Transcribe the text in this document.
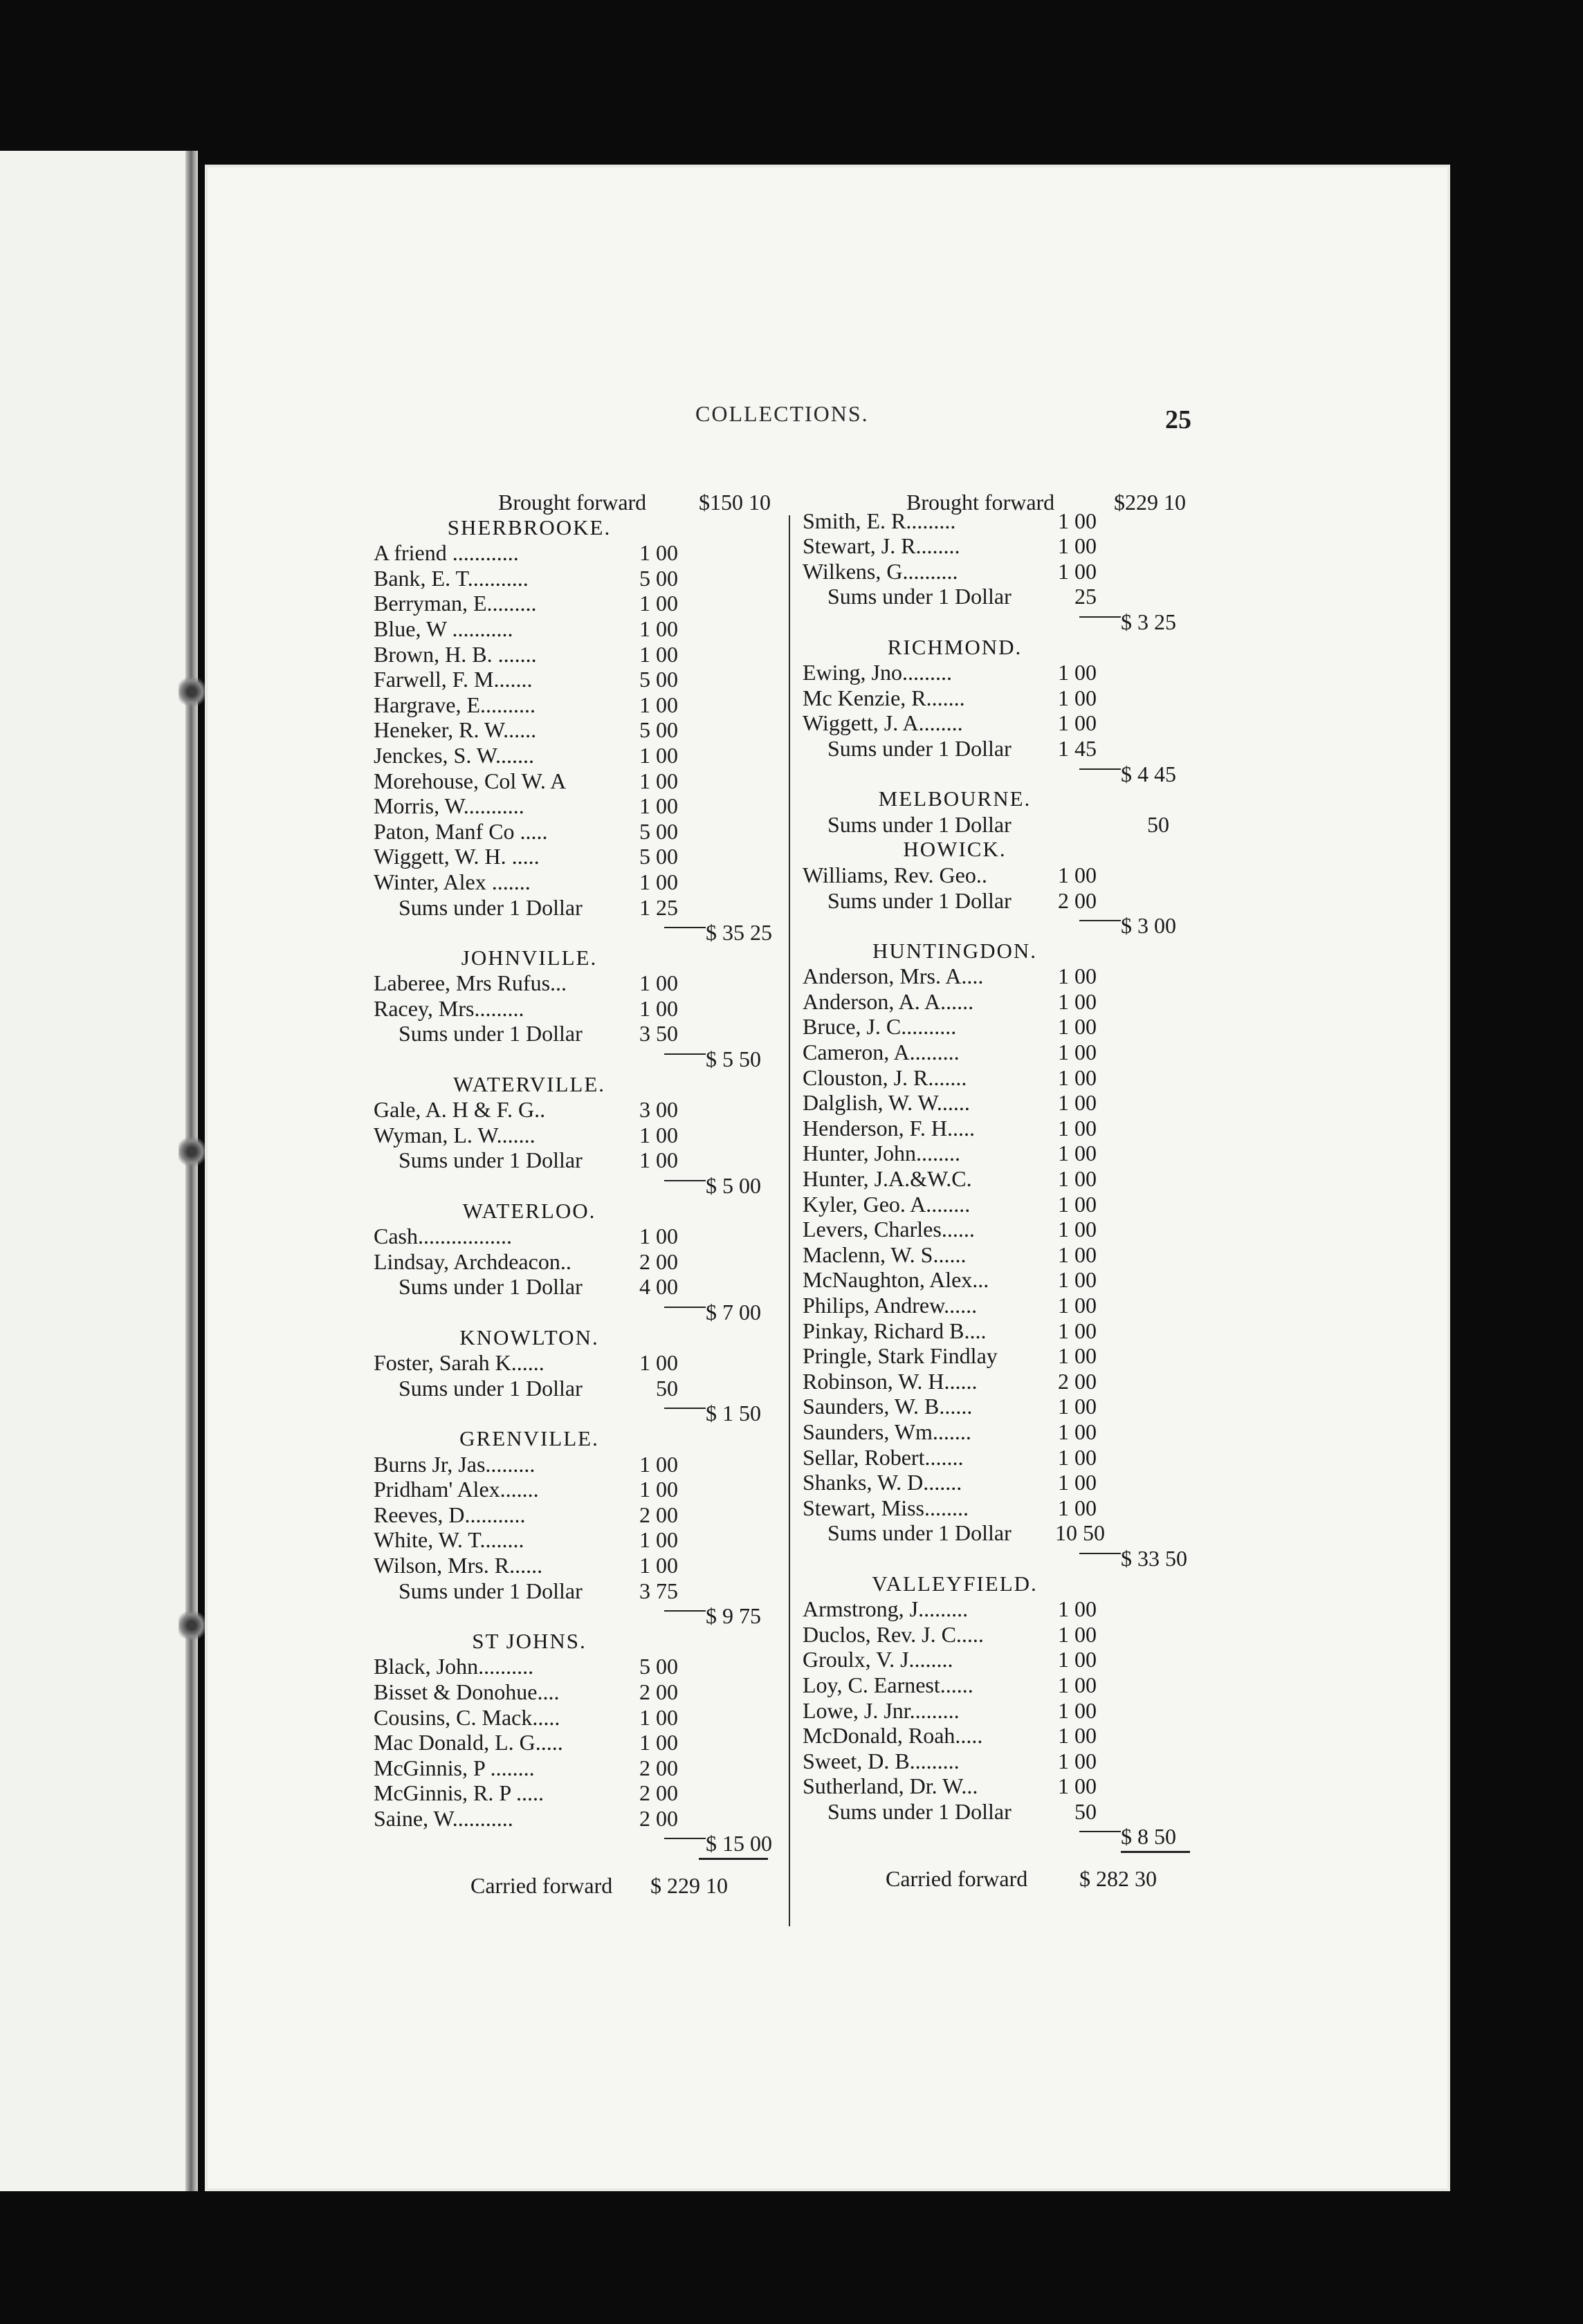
COLLECTIONS.	25
Brought forward $150 10
SHERBROOKE.
A friend ............	1 00
Bank, E. T...........	5 00
Berryman, E.........	1 00
Blue, W ...........	1 00
Brown, H. B. .......	1 00
Farwell, F. M.......	5 00
Hargrave, E..........	1 00
Heneker, R. W......	5 00
Jenckes, S. W.......	1 00
Morehouse, Col W. A	1 00
Morris, W...........	1 00
Paton, Manf Co .....	5 00
Wiggett, W. H. .....	5 00
Winter, Alex .......	1 00
Sums under 1 Dollar	1 25
$ 35 25
JOHNVILLE.
Laberee, Mrs Rufus...	1 00
Racey, Mrs.........	1 00
Sums under 1 Dollar	3 50
$ 5 50
WATERVILLE.
Gale, A. H & F. G..	3 00
Wyman, L. W.......	1 00
Sums under 1 Dollar	1 00
$ 5 00
WATERLOO.
Cash.................	1 00
Lindsay, Archdeacon..	2 00
Sums under 1 Dollar	4 00
$ 7 00
KNOWLTON.
Foster, Sarah K......	1 00
Sums under 1 Dollar	50
$ 1 50
GRENVILLE.
Burns Jr, Jas.........	1 00
Pridham' Alex.......	1 00
Reeves, D...........	2 00
White, W. T........	1 00
Wilson, Mrs. R......	1 00
Sums under 1 Dollar	3 75
$ 9 75
ST JOHNS.
Black, John..........	5 00
Bisset & Donohue....	2 00
Cousins, C. Mack.....	1 00
Mac Donald, L. G.....	1 00
McGinnis, P ........	2 00
McGinnis, R. P .....	2 00
Saine, W...........	2 00
$ 15 00
Carried forward $ 229 10
Brought forward	$229 10
Smith, E. R.........	1 00
Stewart, J. R........	1 00
Wilkens, G..........	1 00
Sums under 1 Dollar	25
$ 3 25
RICHMOND.
Ewing, Jno.........	1 00
Mc Kenzie, R.......	1 00
Wiggett, J. A........	1 00
Sums under 1 Dollar 1 45
$ 4 45
MELBOURNE.
Sums under 1 Dollar	50
HOWICK.
Williams, Rev. Geo..	1 00
Sums under 1 Dollar 2 00
$ 3 00
HUNTINGDON.
Anderson, Mrs. A....	1 00
Anderson, A. A......	1 00
Bruce, J. C..........	1 00
Cameron, A.........	1 00
Clouston, J. R.......	1 00
Dalglish, W. W......	1 00
Henderson, F. H.....	1 00
Hunter, John........	1 00
Hunter, J.A.&W.C.	1 00
Kyler, Geo. A........	1 00
Levers, Charles......	1 00
Maclenn, W. S......	1 00
McNaughton, Alex...	1 00
Philips, Andrew......	1 00
Pinkay, Richard B....	1 00
Pringle, Stark Findlay	1 00
Robinson, W. H......	2 00
Saunders, W. B......	1 00
Saunders, Wm.......	1 00
Sellar, Robert.......	1 00
Shanks, W. D.......	1 00
Stewart, Miss........	1 00
Sums under 1 Dollar 10 50
$ 33 50
VALLEYFIELD.
Armstrong, J.........	1 00
Duclos, Rev. J. C.....	1 00
Groulx, V. J........	1 00
Loy, C. Earnest......	1 00
Lowe, J. Jnr.........	1 00
McDonald, Roah.....	1 00
Sweet, D. B.........	1 00
Sutherland, Dr. W...	1 00
Sums under 1 Dollar	50
$ 8 50
Carried forward $ 282 30
